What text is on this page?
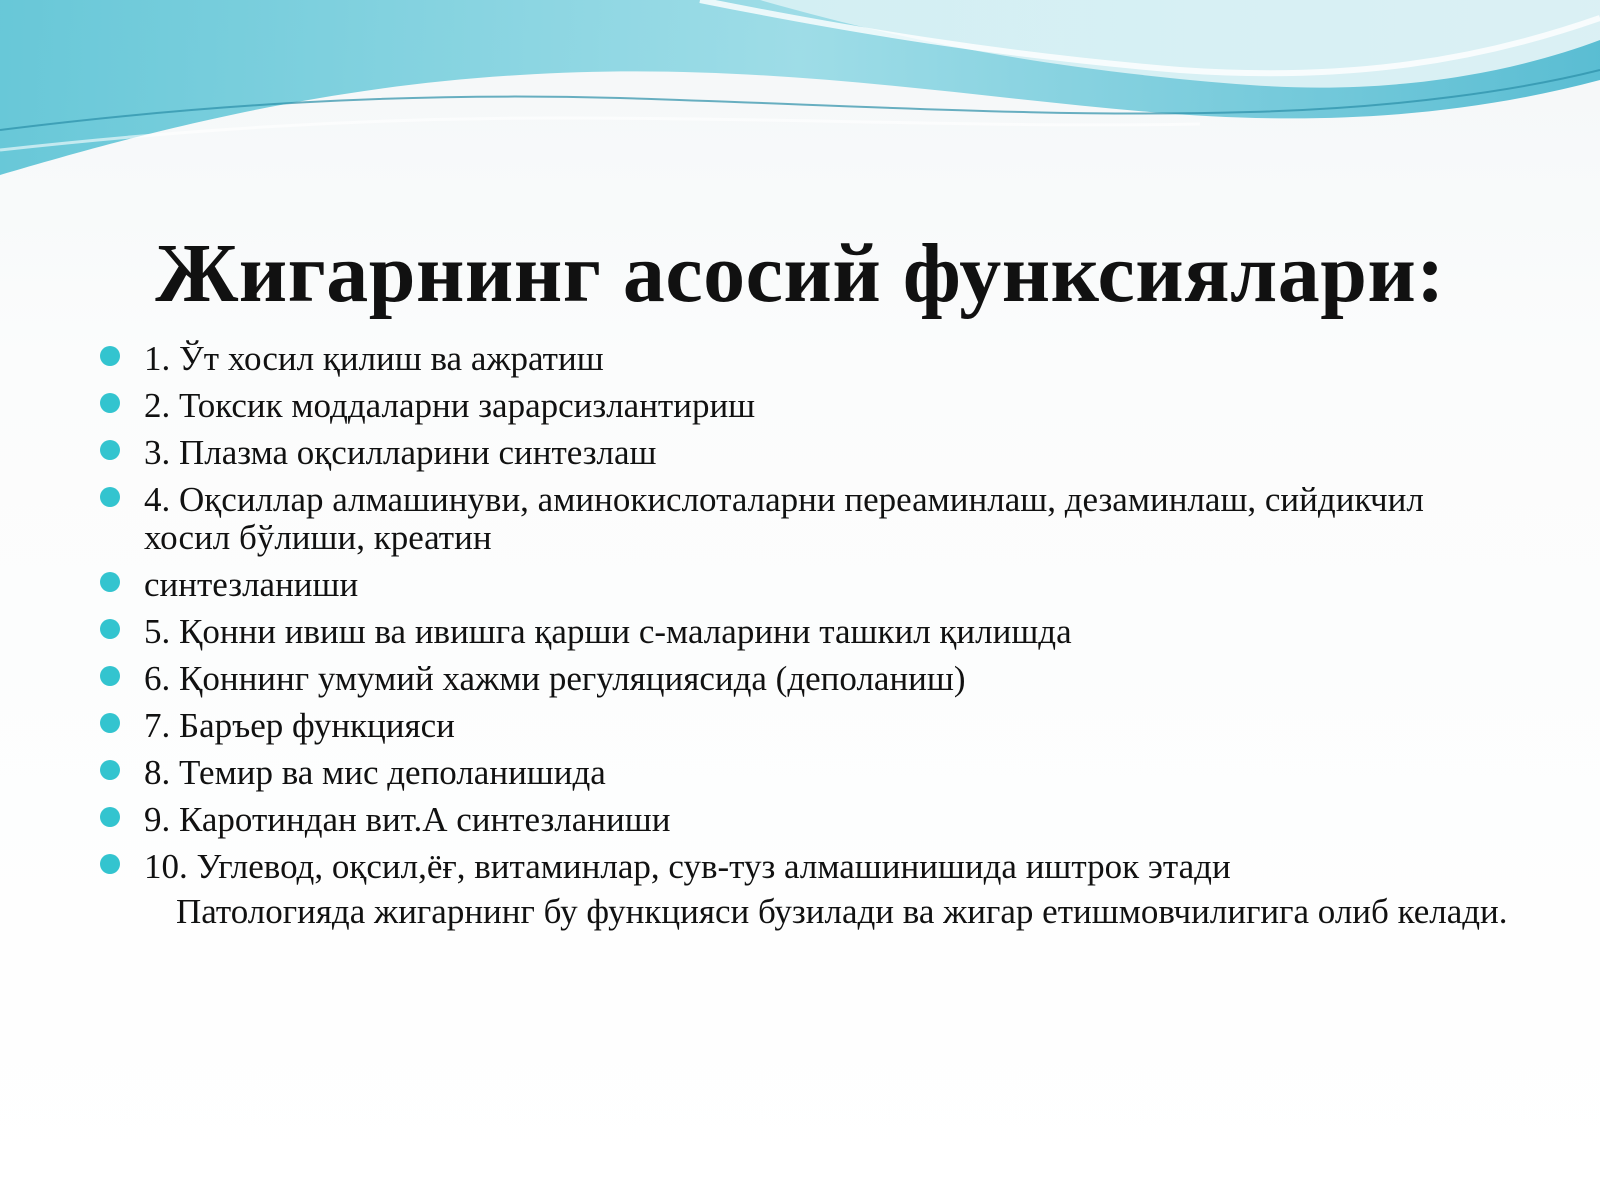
Жигарнинг асосий функсиялари:
1. Ўт хосил қилиш ва ажратиш
2. Токсик моддаларни зарарсизлантириш
3. Плазма оқсилларини синтезлаш
4. Оқсиллар алмашинуви, аминокислоталарни переаминлаш, дезаминлаш, сийдикчил хосил бўлиши, креатин
синтезланиши
5. Қонни ивиш ва ивишга қарши с-маларини ташкил қилишда
6. Қоннинг умумий хажми регуляциясида (деполаниш)
7. Баръер функцияси
8. Темир ва мис деполанишида
9. Каротиндан вит.А синтезланиши
10. Углевод, оқсил,ёғ, витаминлар, сув-туз алмашинишида иштрок этади
Патологияда жигарнинг бу функцияси бузилади ва жигар етишмовчилигига олиб келади.
